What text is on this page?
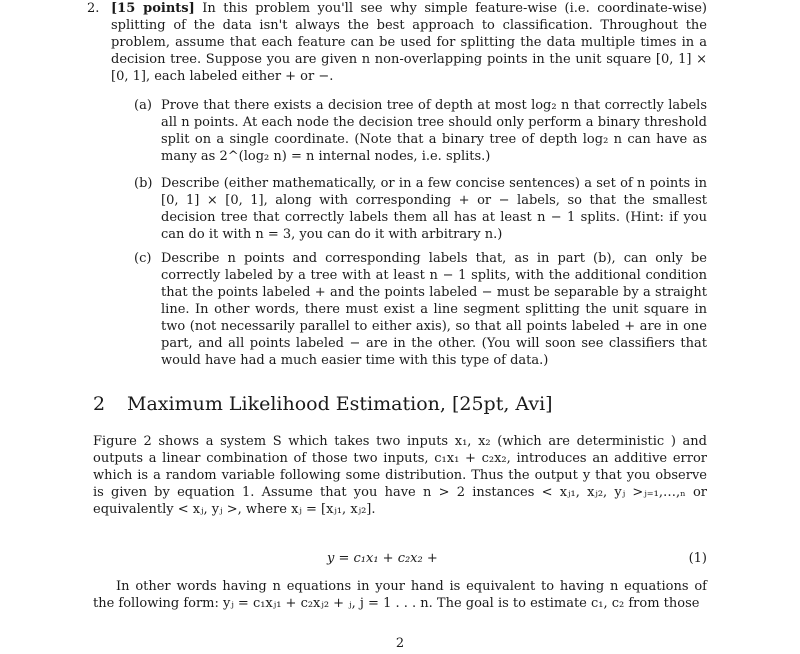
2. [15 points] In this problem you'll see why simple feature-wise (i.e. coordinate-wise) splitting of the data isn't always the best approach to classification. Throughout the problem, assume that each feature can be used for splitting the data multiple times in a decision tree. Suppose you are given n non-overlapping points in the unit square [0, 1] × [0, 1], each labeled either + or −.
(a) Prove that there exists a decision tree of depth at most log₂ n that correctly labels all n points. At each node the decision tree should only perform a binary threshold split on a single coordinate. (Note that a binary tree of depth log₂ n can have as many as 2^(log₂ n) = n internal nodes, i.e. splits.)
(b) Describe (either mathematically, or in a few concise sentences) a set of n points in [0, 1] × [0, 1], along with corresponding + or − labels, so that the smallest decision tree that correctly labels them all has at least n − 1 splits. (Hint: if you can do it with n = 3, you can do it with arbitrary n.)
(c) Describe n points and corresponding labels that, as in part (b), can only be correctly labeled by a tree with at least n − 1 splits, with the additional condition that the points labeled + and the points labeled − must be separable by a straight line. In other words, there must exist a line segment splitting the unit square in two (not necessarily parallel to either axis), so that all points labeled + are in one part, and all points labeled − are in the other. (You will soon see classifiers that would have had a much easier time with this type of data.)
2 Maximum Likelihood Estimation, [25pt, Avi]
Figure 2 shows a system S which takes two inputs x₁, x₂ (which are deterministic ) and outputs a linear combination of those two inputs, c₁x₁ + c₂x₂, introduces an additive error which is a random variable following some distribution. Thus the output y that you observe is given by equation 1. Assume that you have n > 2 instances < xⱼ₁, xⱼ₂, yⱼ >ⱼ₌₁,…,ₙ or equivalently < xⱼ, yⱼ >, where xⱼ = [xⱼ₁, xⱼ₂].
y = c₁x₁ + c₂x₂ +	(1)
In other words having n equations in your hand is equivalent to having n equations of the following form: yⱼ = c₁xⱼ₁ + c₂xⱼ₂ + ⱼ, j = 1 . . . n. The goal is to estimate c₁, c₂ from those
2
